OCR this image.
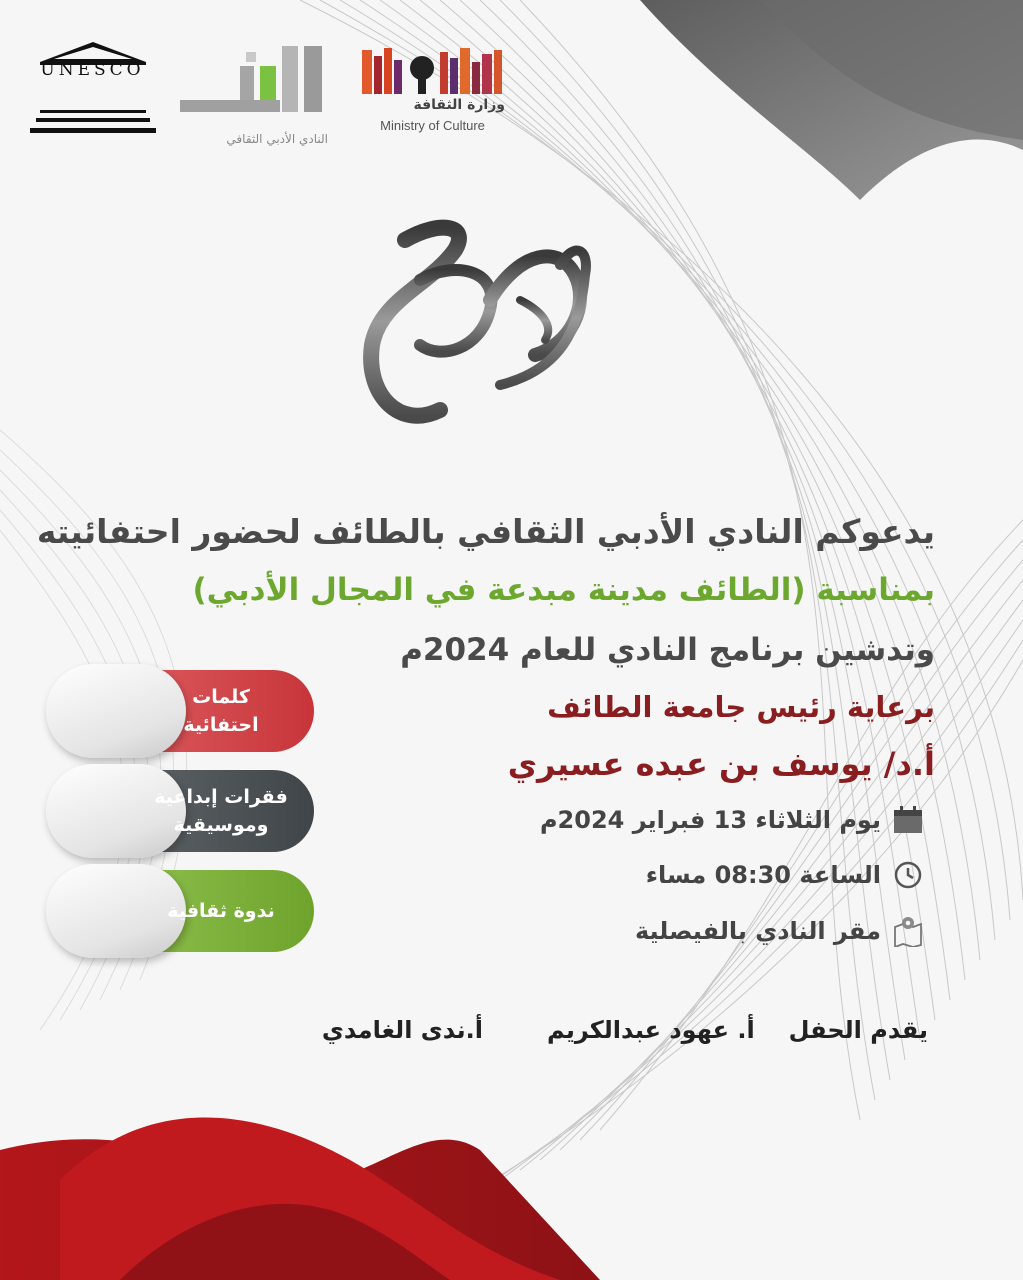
UNESCO
النادي الأدبي الثقافي
وزارة الثقافة
Ministry of Culture
يدعوكم النادي الأدبي الثقافي بالطائف لحضور احتفائيته
بمناسبة (الطائف مدينة مبدعة في المجال الأدبي)
وتدشين برنامج النادي للعام 2024م
برعاية رئيس جامعة الطائف
أ.د/ يوسف بن عبده عسيري
يوم الثلاثاء 13 فبراير 2024م
الساعة 08:30 مساء
مقر النادي بالفيصلية
كلمات
احتفائية
فقرات إبداعية
وموسيقية
ندوة ثقافية
يقدم الحفل
أ. عهود عبدالكريم
أ.ندى الغامدي
